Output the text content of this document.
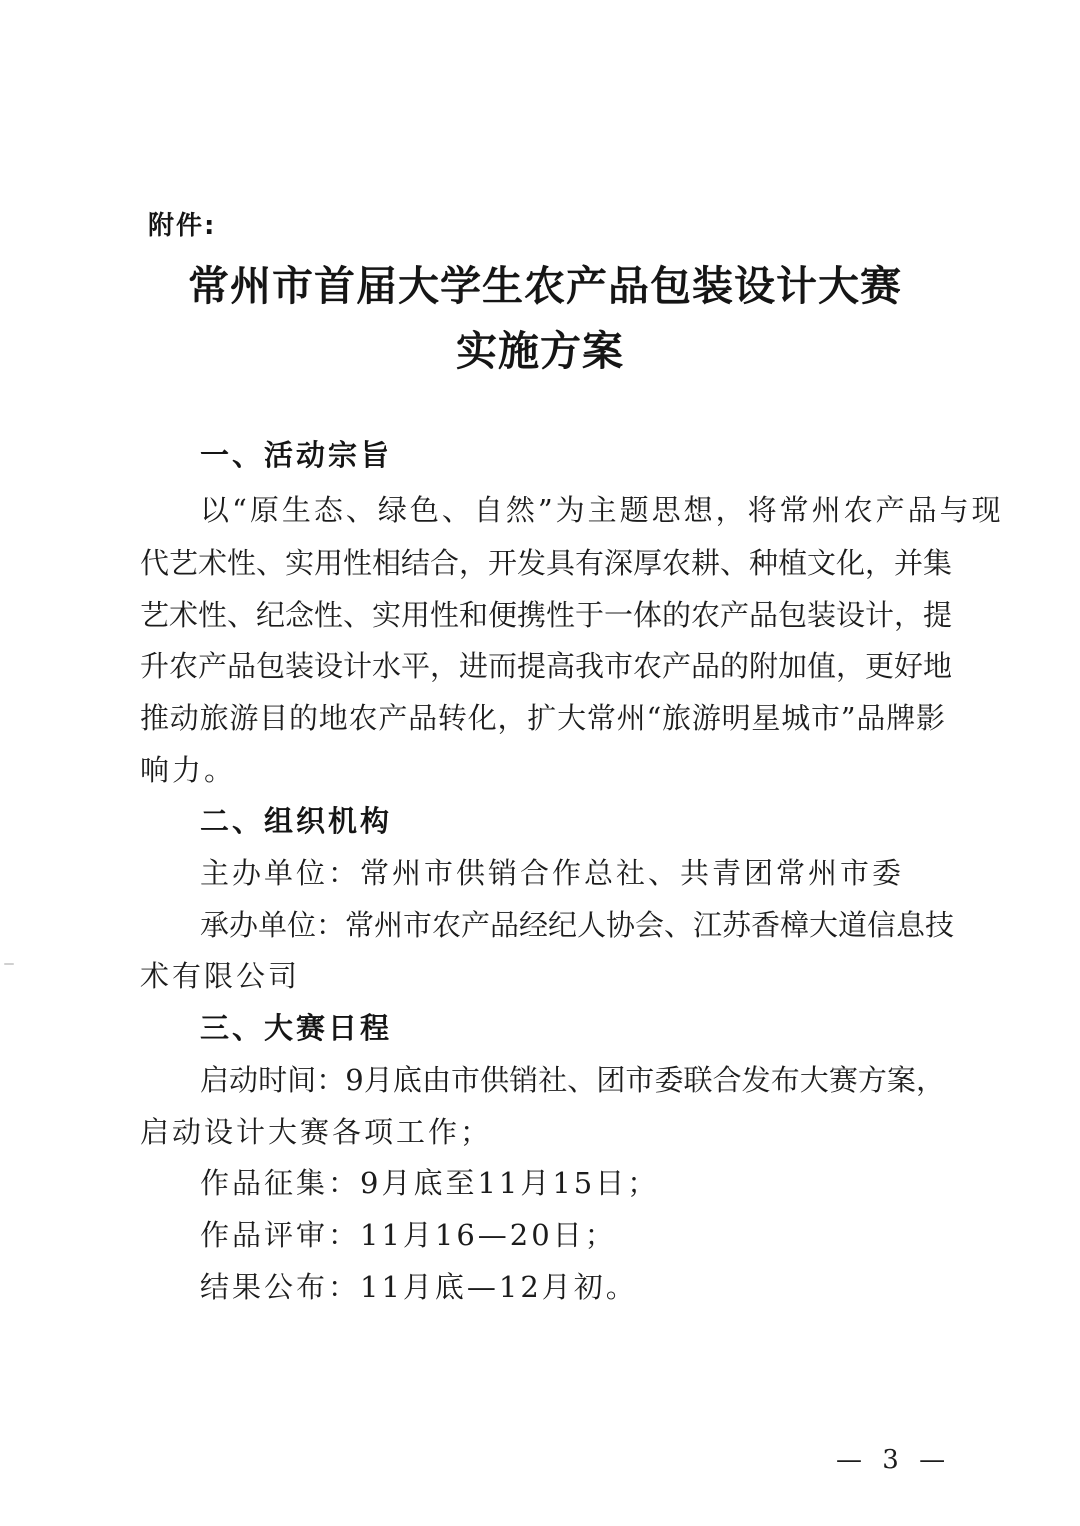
附件:
常州市首届大学生农产品包装设计大赛
实施方案
一、活动宗旨
以“原生态、绿色、自然”为主题思想，将常州农产品与现
代艺术性、实用性相结合，开发具有深厚农耕、种植文化，并集
艺术性、纪念性、实用性和便携性于一体的农产品包装设计，提
升农产品包装设计水平，进而提高我市农产品的附加值，更好地
推动旅游目的地农产品转化，扩大常州“旅游明星城市”品牌影
响力。
二、组织机构
主办单位：常州市供销合作总社、共青团常州市委
承办单位：常州市农产品经纪人协会、江苏香樟大道信息技
术有限公司
三、大赛日程
启动时间：9月底由市供销社、团市委联合发布大赛方案，
启动设计大赛各项工作；
作品征集：9月底至11月15日；
作品评审：11月16—20日；
结果公布：11月底—12月初。
— 3 —
